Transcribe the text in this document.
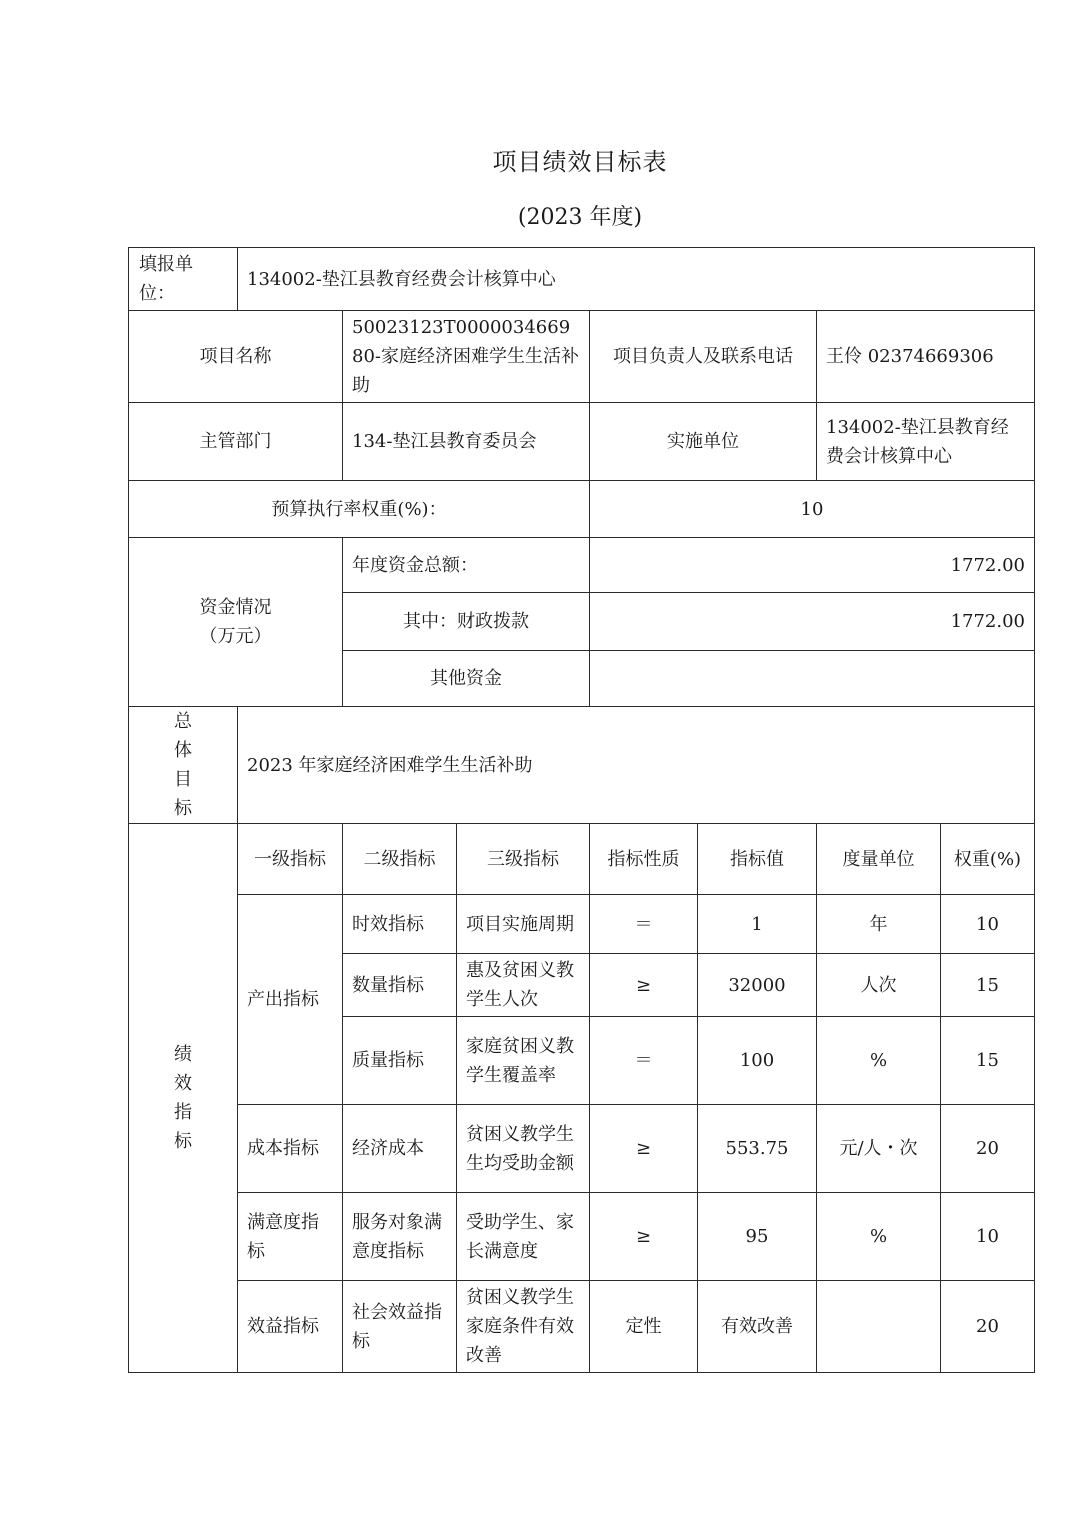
项目绩效目标表
(2023 年度)
填报单位：	134002-垫江县教育经费会计核算中心						
项目名称		50023123T000003466980-家庭经济困难学生生活补助		项目负责人及联系电话		王伶 02374669306	
主管部门		134-垫江县教育委员会		实施单位		134002-垫江县教育经费会计核算中心	
预算执行率权重(%)：				10			
资金情况（万元）		年度资金总额：		1772.00			
		其中：财政拨款		1772.00			
		其他资金					

总体目标	2023 年家庭经济困难学生生活补助						

绩效指标	一级指标	二级指标	三级指标	指标性质	指标值	度量单位	权重(%)
	产出指标	时效指标	项目实施周期	＝	1	年	10
		数量指标	惠及贫困义教学生人次	≥	32000	人次	15
		质量指标	家庭贫困义教学生覆盖率	＝	100	%	15
	成本指标	经济成本	贫困义教学生生均受助金额	≥	553.75	元/人・次	20
	满意度指标	服务对象满意度指标	受助学生、家长满意度	≥	95	%	10
	效益指标	社会效益指标	贫困义教学生家庭条件有效改善	定性	有效改善		20
